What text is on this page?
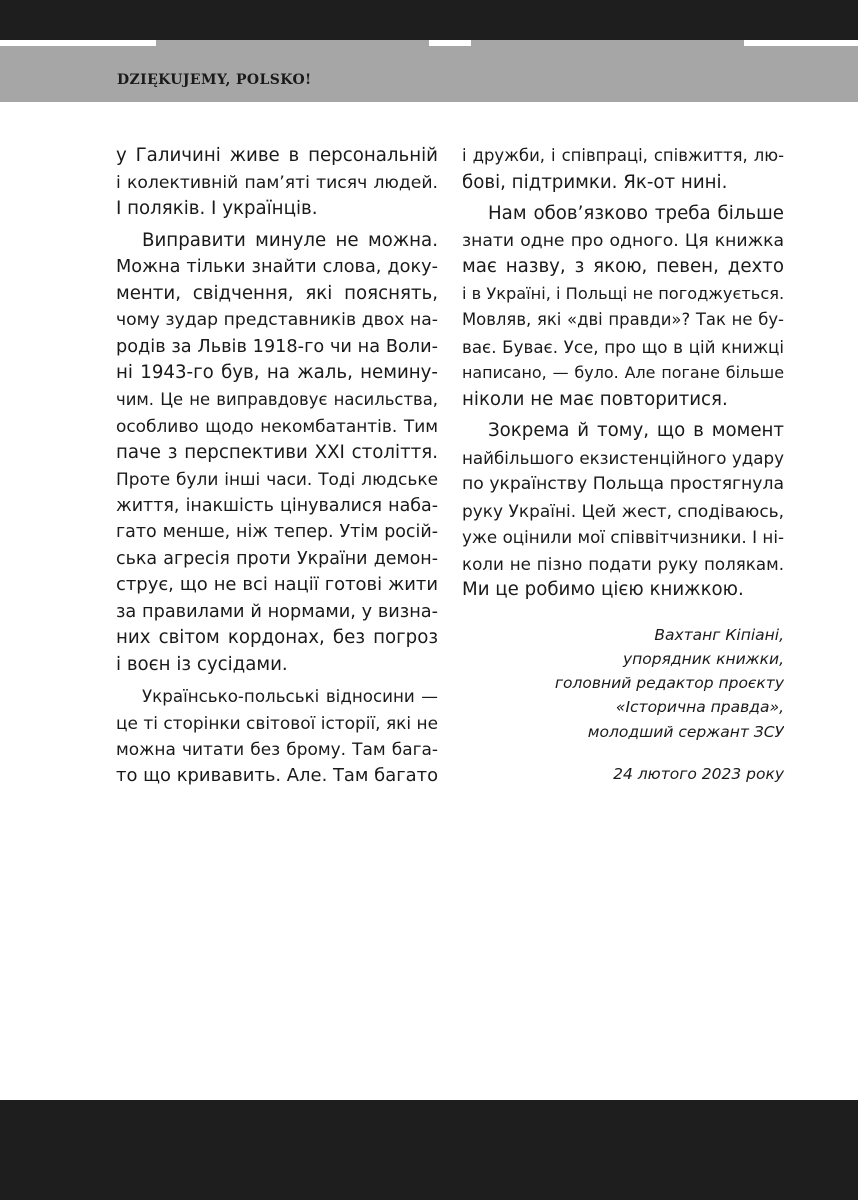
DZIĘKUJEMY, POLSKO!
у Галичині живе в персональній
і колективній пам’яті тисяч людей.
І поляків. І українців.
Виправити минуле не можна.
Можна тільки знайти слова, доку-
менти, свідчення, які пояснять,
чому зудар представників двох на-
родів за Львів 1918-го чи на Воли-
ні 1943-го був, на жаль, немину-
чим. Це не виправдовує насильства,
особливо щодо некомбатантів. Тим
паче з перспективи XXI століття.
Проте були інші часи. Тоді людське
життя, інакшість цінувалися наба-
гато менше, ніж тепер. Утім росій-
ська агресія проти України демон-
струє, що не всі нації готові жити
за правилами й нормами, у визна-
них світом кордонах, без погроз
і воєн із сусідами.
Українсько-польські відносини —
це ті сторінки світової історії, які не
можна читати без брому. Там бага-
то що кривавить. Але. Там багато
і дружби, і співпраці, співжиття, лю-
бові, підтримки. Як-от нині.
Нам обов’язково треба більше
знати одне про одного. Ця книжка
має назву, з якою, певен, дехто
і в Україні, і Польщі не погоджується.
Мовляв, які «дві правди»? Так не бу-
ває. Буває. Усе, про що в цій книжці
написано, — було. Але погане більше
ніколи не має повторитися.
Зокрема й тому, що в момент
найбільшого екзистенційного удару
по українству Польща простягнула
руку Україні. Цей жест, сподіваюсь,
уже оцінили мої співвітчизники. І ні-
коли не пізно подати руку полякам.
Ми це робимо цією книжкою.
Вахтанг Кіпіані,
упорядник книжки,
головний редактор проєкту
«Історична правда»,
молодший сержант ЗСУ
24 лютого 2023 року
